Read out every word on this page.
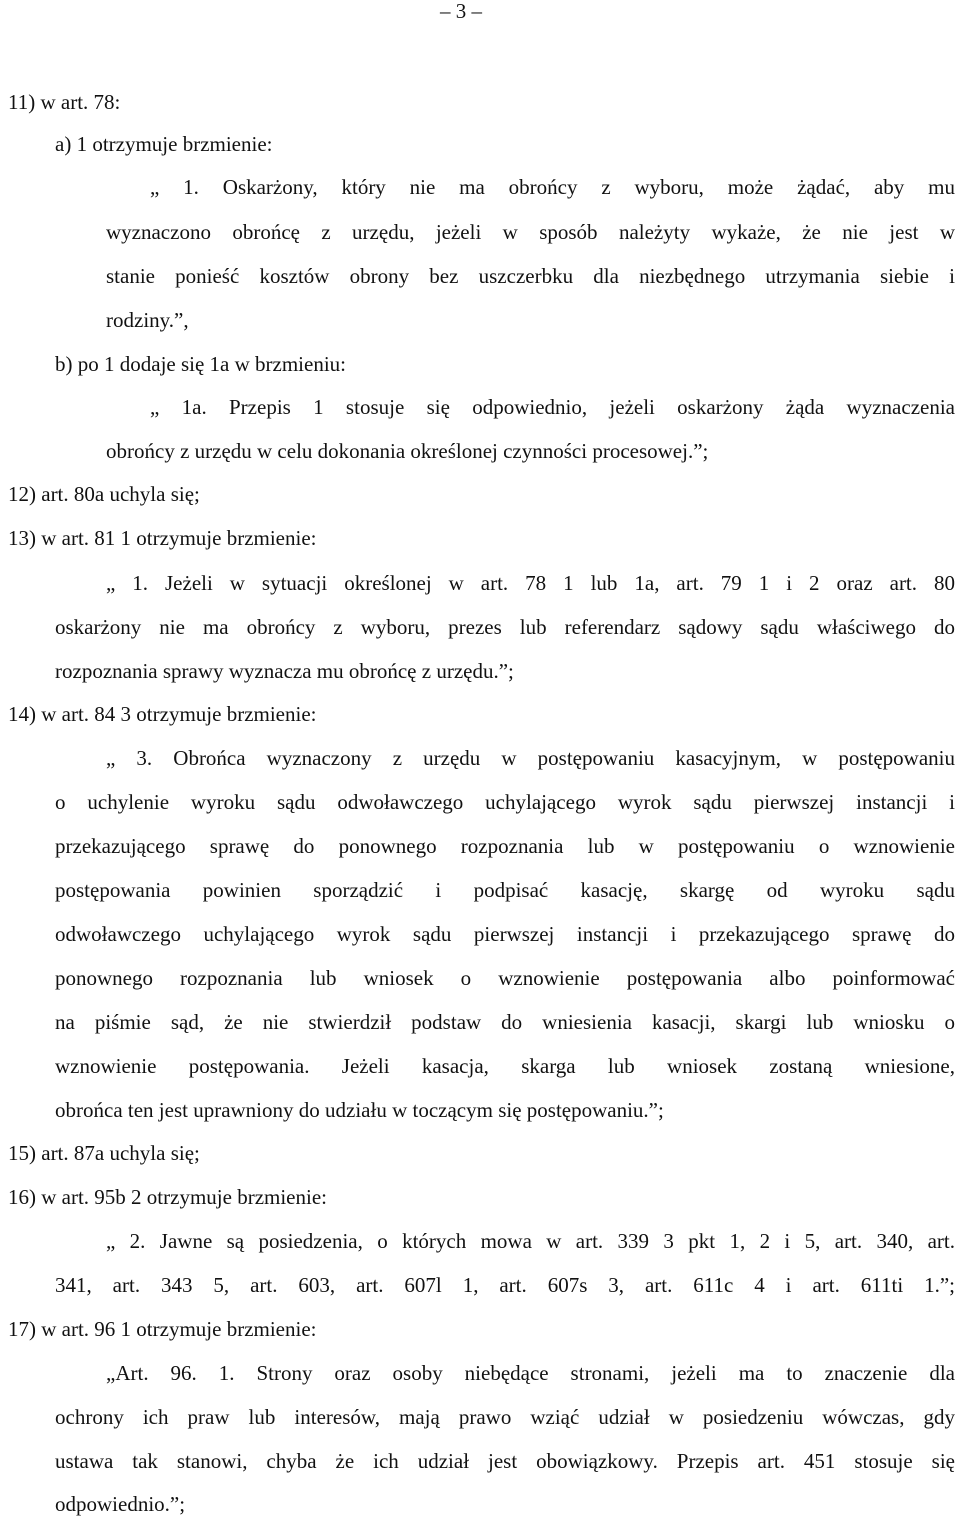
– 3 –
11) w art. 78:
a) 1 otrzymuje brzmienie:
„ 1. Oskarżony, który nie ma obrońcy z wyboru, może żądać, aby mu
wyznaczono obrońcę z urzędu, jeżeli w sposób należyty wykaże, że nie jest w
stanie ponieść kosztów obrony bez uszczerbku dla niezbędnego utrzymania siebie i
rodziny.”,
b) po 1 dodaje się 1a w brzmieniu:
„ 1a. Przepis 1 stosuje się odpowiednio, jeżeli oskarżony żąda wyznaczenia
obrońcy z urzędu w celu dokonania określonej czynności procesowej.”;
12) art. 80a uchyla się;
13) w art. 81 1 otrzymuje brzmienie:
„ 1. Jeżeli w sytuacji określonej w art. 78 1 lub 1a, art. 79 1 i 2 oraz art. 80
oskarżony nie ma obrońcy z wyboru, prezes lub referendarz sądowy sądu właściwego do
rozpoznania sprawy wyznacza mu obrońcę z urzędu.”;
14) w art. 84 3 otrzymuje brzmienie:
„ 3. Obrońca wyznaczony z urzędu w postępowaniu kasacyjnym, w postępowaniu
o uchylenie wyroku sądu odwoławczego uchylającego wyrok sądu pierwszej instancji i
przekazującego sprawę do ponownego rozpoznania lub w postępowaniu o wznowienie
postępowania powinien sporządzić i podpisać kasację, skargę od wyroku sądu
odwoławczego uchylającego wyrok sądu pierwszej instancji i przekazującego sprawę do
ponownego rozpoznania lub wniosek o wznowienie postępowania albo poinformować
na piśmie sąd, że nie stwierdził podstaw do wniesienia kasacji, skargi lub wniosku o
wznowienie postępowania. Jeżeli kasacja, skarga lub wniosek zostaną wniesione,
obrońca ten jest uprawniony do udziału w toczącym się postępowaniu.”;
15) art. 87a uchyla się;
16) w art. 95b 2 otrzymuje brzmienie:
„ 2. Jawne są posiedzenia, o których mowa w art. 339 3 pkt 1, 2 i 5, art. 340, art.
341, art. 343 5, art. 603, art. 607l 1, art. 607s 3, art. 611c 4 i art. 611ti 1.”;
17) w art. 96 1 otrzymuje brzmienie:
„Art. 96. 1. Strony oraz osoby niebędące stronami, jeżeli ma to znaczenie dla
ochrony ich praw lub interesów, mają prawo wziąć udział w posiedzeniu wówczas, gdy
ustawa tak stanowi, chyba że ich udział jest obowiązkowy. Przepis art. 451 stosuje się
odpowiednio.”;
